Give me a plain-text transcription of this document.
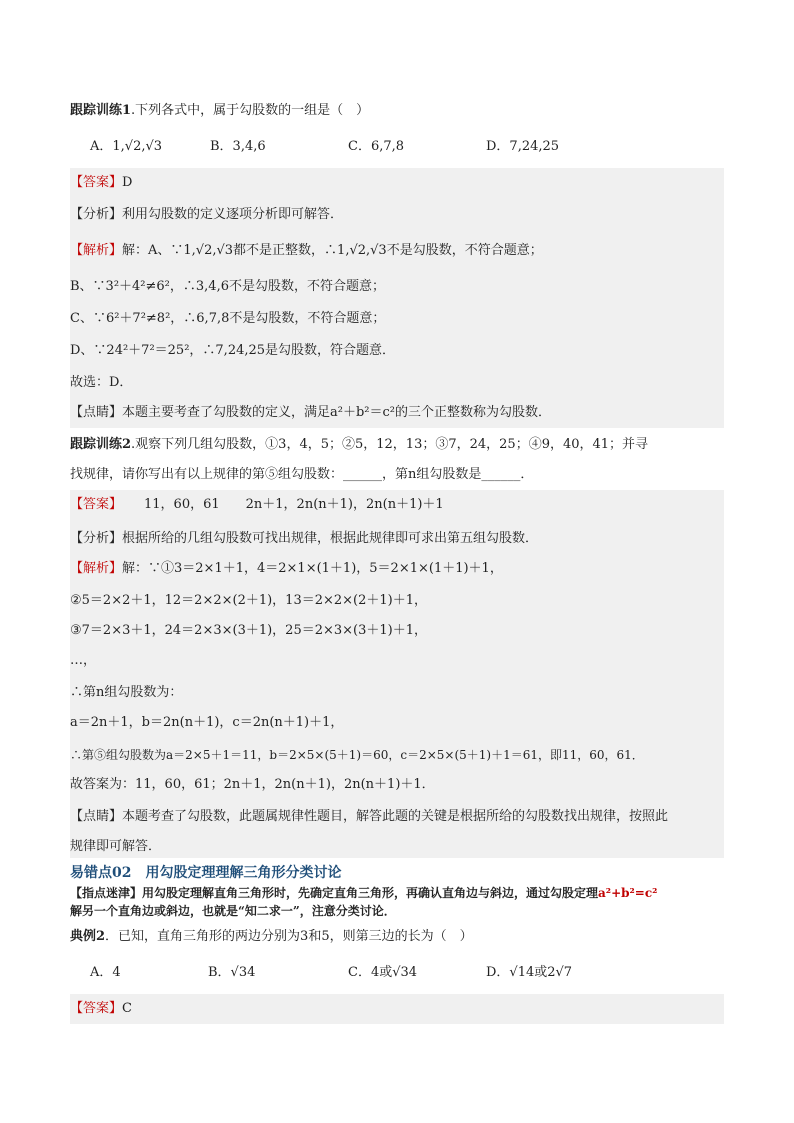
跟踪训练1.下列各式中，属于勾股数的一组是（　）
A．1,√2,√3	B．3,4,6	C．6,7,8	D．7,24,25
【答案】D
【分析】利用勾股数的定义逐项分析即可解答．
【解析】解：A、∵1,√2,√3都不是正整数，∴1,√2,√3不是勾股数，不符合题意；
B、∵3²＋4²≠6²，∴3,4,6不是勾股数，不符合题意；
C、∵6²＋7²≠8²，∴6,7,8不是勾股数，不符合题意；
D、∵24²＋7²＝25²，∴7,24,25是勾股数，符合题意．
故选：D．
【点睛】本题主要考查了勾股数的定义，满足a²＋b²＝c²的三个正整数称为勾股数．
跟踪训练2.观察下列几组勾股数，①3，4，5；②5，12，13；③7，24，25；④9，40，41；并寻
找规律，请你写出有以上规律的第⑤组勾股数：______，第n组勾股数是______．
【答案】 11，60，61　　2n＋1，2n(n＋1)，2n(n＋1)＋1
【分析】根据所给的几组勾股数可找出规律，根据此规律即可求出第五组勾股数．
【解析】解：∵①3＝2×1＋1，4＝2×1×(1＋1)，5＝2×1×(1＋1)＋1，
②5＝2×2＋1，12＝2×2×(2＋1)，13＝2×2×(2＋1)＋1，
③7＝2×3＋1，24＝2×3×(3＋1)，25＝2×3×(3＋1)＋1，
…，
∴第n组勾股数为：
a＝2n＋1，b＝2n(n＋1)，c＝2n(n＋1)＋1，
∴第⑤组勾股数为a＝2×5＋1＝11，b＝2×5×(5＋1)＝60，c＝2×5×(5＋1)＋1＝61，即11，60，61．
故答案为：11，60，61；2n＋1，2n(n＋1)，2n(n＋1)＋1．
【点睛】本题考查了勾股数，此题属规律性题目，解答此题的关键是根据所给的勾股数找出规律，按照此
规律即可解答．
易错点02　用勾股定理理解三角形分类讨论
【指点迷津】用勾股定理解直角三角形时，先确定直角三角形，再确认直角边与斜边，通过勾股定理a²+b²=c²
解另一个直角边或斜边，也就是“知二求一”，注意分类讨论．
典例2．已知，直角三角形的两边分别为3和5，则第三边的长为（　）
A．4	B．√34	C．4或√34	D．√14或2√7
【答案】C
